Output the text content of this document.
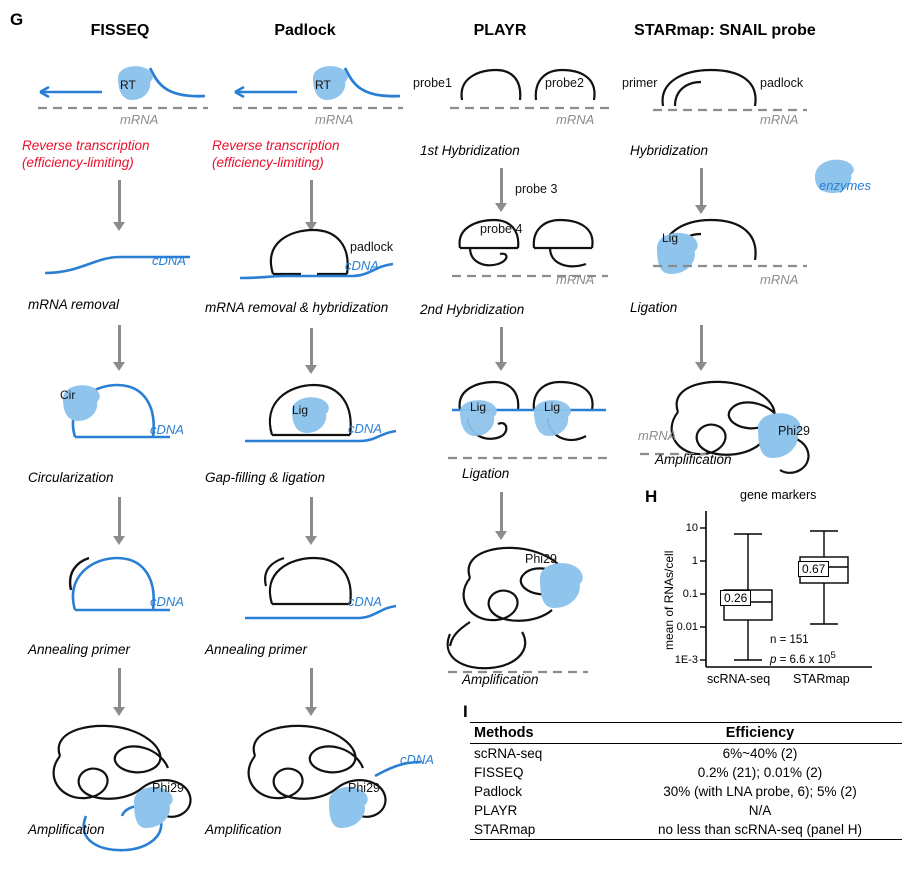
G
H
I
FISSEQ	Padlock	PLAYR	STARmap: SNAIL probe
enzymes
RT
mRNA
Reverse transcription
(efficiency-limiting)
cDNA
mRNA removal
Cir
cDNA
Circularization
cDNA
Annealing primer
Phi29
Amplification
RT
mRNA
Reverse transcription
(efficiency-limiting)
padlock
cDNA
mRNA removal & hybridization
Lig
cDNA
Gap-filling & ligation
cDNA
Annealing primer
cDNA
Phi29
Amplification
probe1	probe2
mRNA
1st Hybridization
probe 3
probe 4
mRNA
2nd Hybridization
Lig	Lig
Ligation
Phi29
Amplification
primer	padlock
mRNA
Hybridization
Lig
mRNA
Ligation
mRNA	Phi29
Amplification
gene markers
mean of RNAs/cell
10
1
0.1
0.01
1E-3
0.26
0.67
n = 151
p = 6.6 x $10^5$
scRNA-seq STARmap
Methods	Efficiency
scRNA-seq	6%~40% (2)
FISSEQ	0.2% (21); 0.01% (2)
Padlock	30% (with LNA probe, 6); 5% (2)
PLAYR	N/A
STARmap	no less than scRNA-seq (panel H)
